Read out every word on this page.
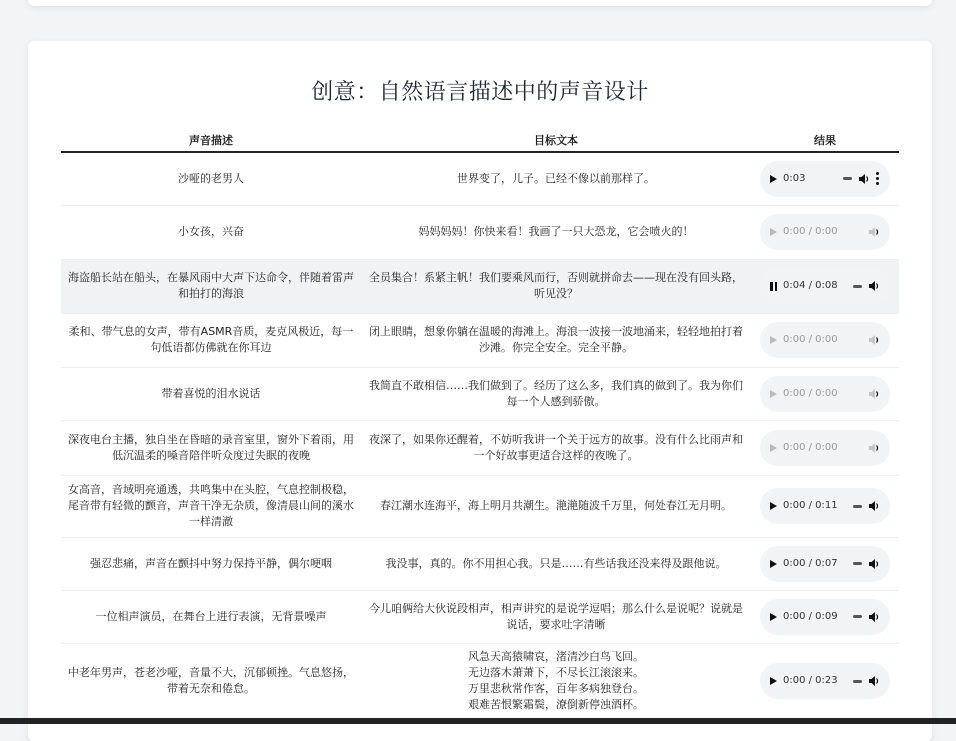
创意：自然语言描述中的声音设计
声音描述	目标文本	结果
沙哑的老男人	世界变了，儿子。已经不像以前那样了。	0:03

小女孩，兴奋	妈妈妈妈！你快来看！我画了一只大恐龙，它会喷火的！	0:00 / 0:00

海盗船长站在船头，在暴风雨中大声下达命令，伴随着雷声和拍打的海浪	全员集合！系紧主帆！我们要乘风而行，否则就拼命去——现在没有回头路，听见没？	0:04 / 0:08

柔和、带气息的女声，带有ASMR音质，麦克风极近，每一句低语都仿佛就在你耳边	闭上眼睛，想象你躺在温暖的海滩上。海浪一波接一波地涌来，轻轻地拍打着沙滩。你完全安全。完全平静。	0:00 / 0:00

带着喜悦的泪水说话	我简直不敢相信……我们做到了。经历了这么多，我们真的做到了。我为你们每一个人感到骄傲。	0:00 / 0:00

深夜电台主播，独自坐在昏暗的录音室里，窗外下着雨，用低沉温柔的嗓音陪伴听众度过失眠的夜晚	夜深了，如果你还醒着，不妨听我讲一个关于远方的故事。没有什么比雨声和一个好故事更适合这样的夜晚了。	0:00 / 0:00

女高音，音域明亮通透，共鸣集中在头腔，气息控制极稳，尾音带有轻微的颤音，声音干净无杂质，像清晨山间的溪水一样清澈	春江潮水连海平，海上明月共潮生。滟滟随波千万里，何处春江无月明。	0:00 / 0:11

强忍悲痛，声音在颤抖中努力保持平静，偶尔哽咽	我没事，真的。你不用担心我。只是……有些话我还没来得及跟他说。	0:00 / 0:07

一位相声演员，在舞台上进行表演，无背景噪声	今儿咱俩给大伙说段相声，相声讲究的是说学逗唱；那么什么是说呢？说就是说话，要求吐字清晰	0:00 / 0:09

中老年男声，苍老沙哑，音量不大，沉郁顿挫。气息悠扬，带着无奈和倦怠。	风急天高猿啸哀，渚清沙白鸟飞回。
无边落木萧萧下，不尽长江滚滚来。
万里悲秋常作客，百年多病独登台。
艰难苦恨繁霜鬓，潦倒新停浊酒杯。	0:00 / 0:23
